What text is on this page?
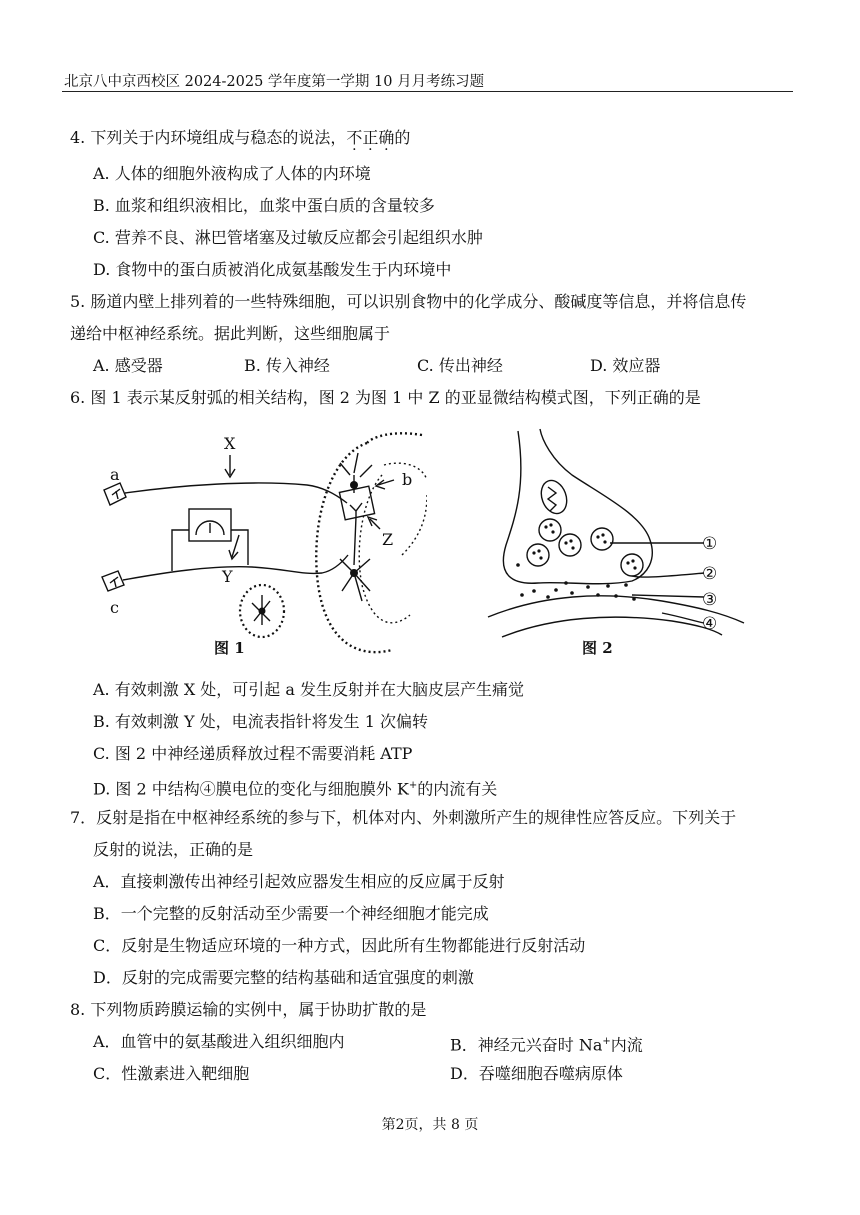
北京八中京西校区 2024-2025 学年度第一学期 10 月月考练习题
4. 下列关于内环境组成与稳态的说法，不正确的
A. 人体的细胞外液构成了人体的内环境
B. 血浆和组织液相比，血浆中蛋白质的含量较多
C. 营养不良、淋巴管堵塞及过敏反应都会引起组织水肿
D. 食物中的蛋白质被消化成氨基酸发生于内环境中
5. 肠道内壁上排列着的一些特殊细胞，可以识别食物中的化学成分、酸碱度等信息，并将信息传
递给中枢神经系统。据此判断，这些细胞属于
A. 感受器	B. 传入神经	C. 传出神经	D. 效应器
6. 图 1 表示某反射弧的相关结构，图 2 为图 1 中 Z 的亚显微结构模式图，下列正确的是
a
X
b
Z
Y
c
图 1
①
②
③
④
图 2
A. 有效刺激 X 处，可引起 a 发生反射并在大脑皮层产生痛觉
B. 有效刺激 Y 处，电流表指针将发生 1 次偏转
C. 图 2 中神经递质释放过程不需要消耗 ATP
D. 图 2 中结构④膜电位的变化与细胞膜外 K+的内流有关
7．反射是指在中枢神经系统的参与下，机体对内、外刺激所产生的规律性应答反应。下列关于
反射的说法，正确的是
A．直接刺激传出神经引起效应器发生相应的反应属于反射
B．一个完整的反射活动至少需要一个神经细胞才能完成
C．反射是生物适应环境的一种方式，因此所有生物都能进行反射活动
D．反射的完成需要完整的结构基础和适宜强度的刺激
8. 下列物质跨膜运输的实例中，属于协助扩散的是
A．血管中的氨基酸进入组织细胞内	B．神经元兴奋时 Na+内流
C．性激素进入靶细胞	D．吞噬细胞吞噬病原体
第2页，共 8 页
